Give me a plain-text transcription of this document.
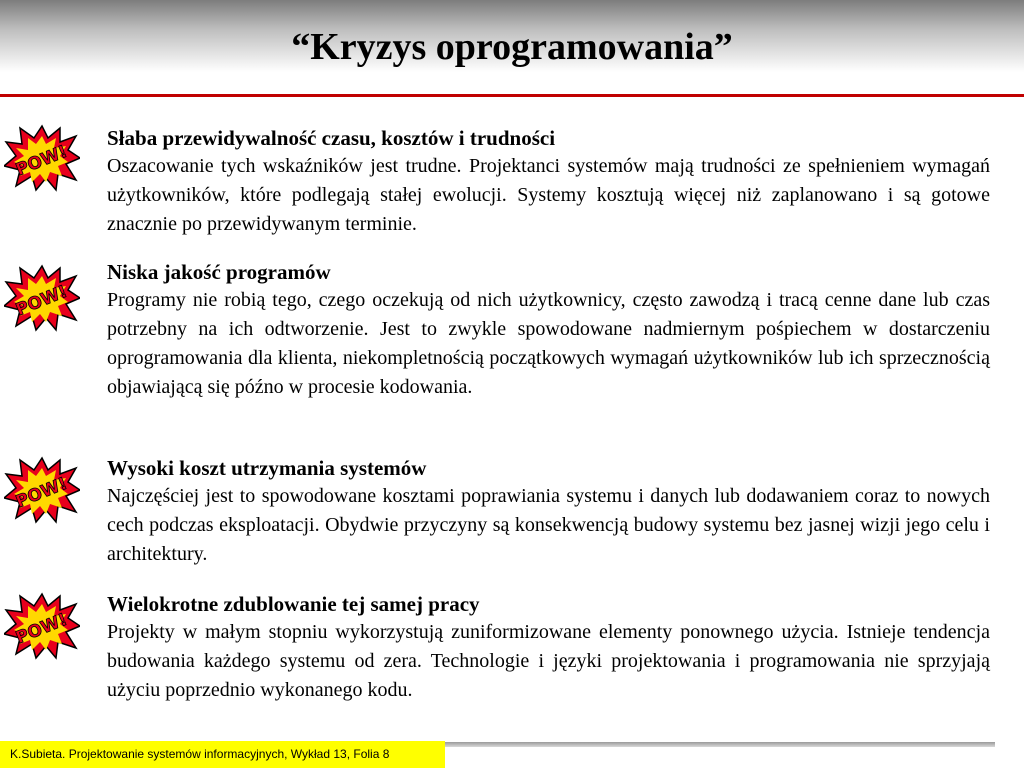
“Kryzys oprogramowania”
POW!

Słaba przewidywalność czasu, kosztów i trudności

Oszacowanie tych wskaźników jest trudne. Projektanci systemów mają trudności ze spełnieniem wymagań użytkowników, które podlegają stałej ewolucji. Systemy kosztują więcej niż zaplanowano i są gotowe znacznie po przewidywanym terminie.

POW!

Niska jakość programów

Programy nie robią tego, czego oczekują od nich użytkownicy, często zawodzą i tracą cenne dane lub czas potrzebny na ich odtworzenie. Jest to zwykle spowodowane nadmiernym pośpiechem w dostarczeniu oprogramowania dla klienta, niekompletnością początkowych wymagań użytkowników lub ich sprzecznością objawiającą się późno w procesie kodowania.

POW!

Wysoki koszt utrzymania systemów

Najczęściej jest to spowodowane kosztami poprawiania systemu i danych lub dodawaniem coraz to nowych cech podczas eksploatacji. Obydwie przyczyny są konsekwencją budowy systemu bez jasnej wizji jego celu i architektury.

POW!

Wielokrotne zdublowanie tej samej pracy

Projekty w małym stopniu wykorzystują zuniformizowane elementy ponownego użycia. Istnieje tendencja budowania każdego systemu od zera. Technologie i języki projektowania i programowania nie sprzyjają użyciu poprzednio wykonanego kodu.

K.Subieta. Projektowanie systemów informacyjnych, Wykład 13, Folia 8
